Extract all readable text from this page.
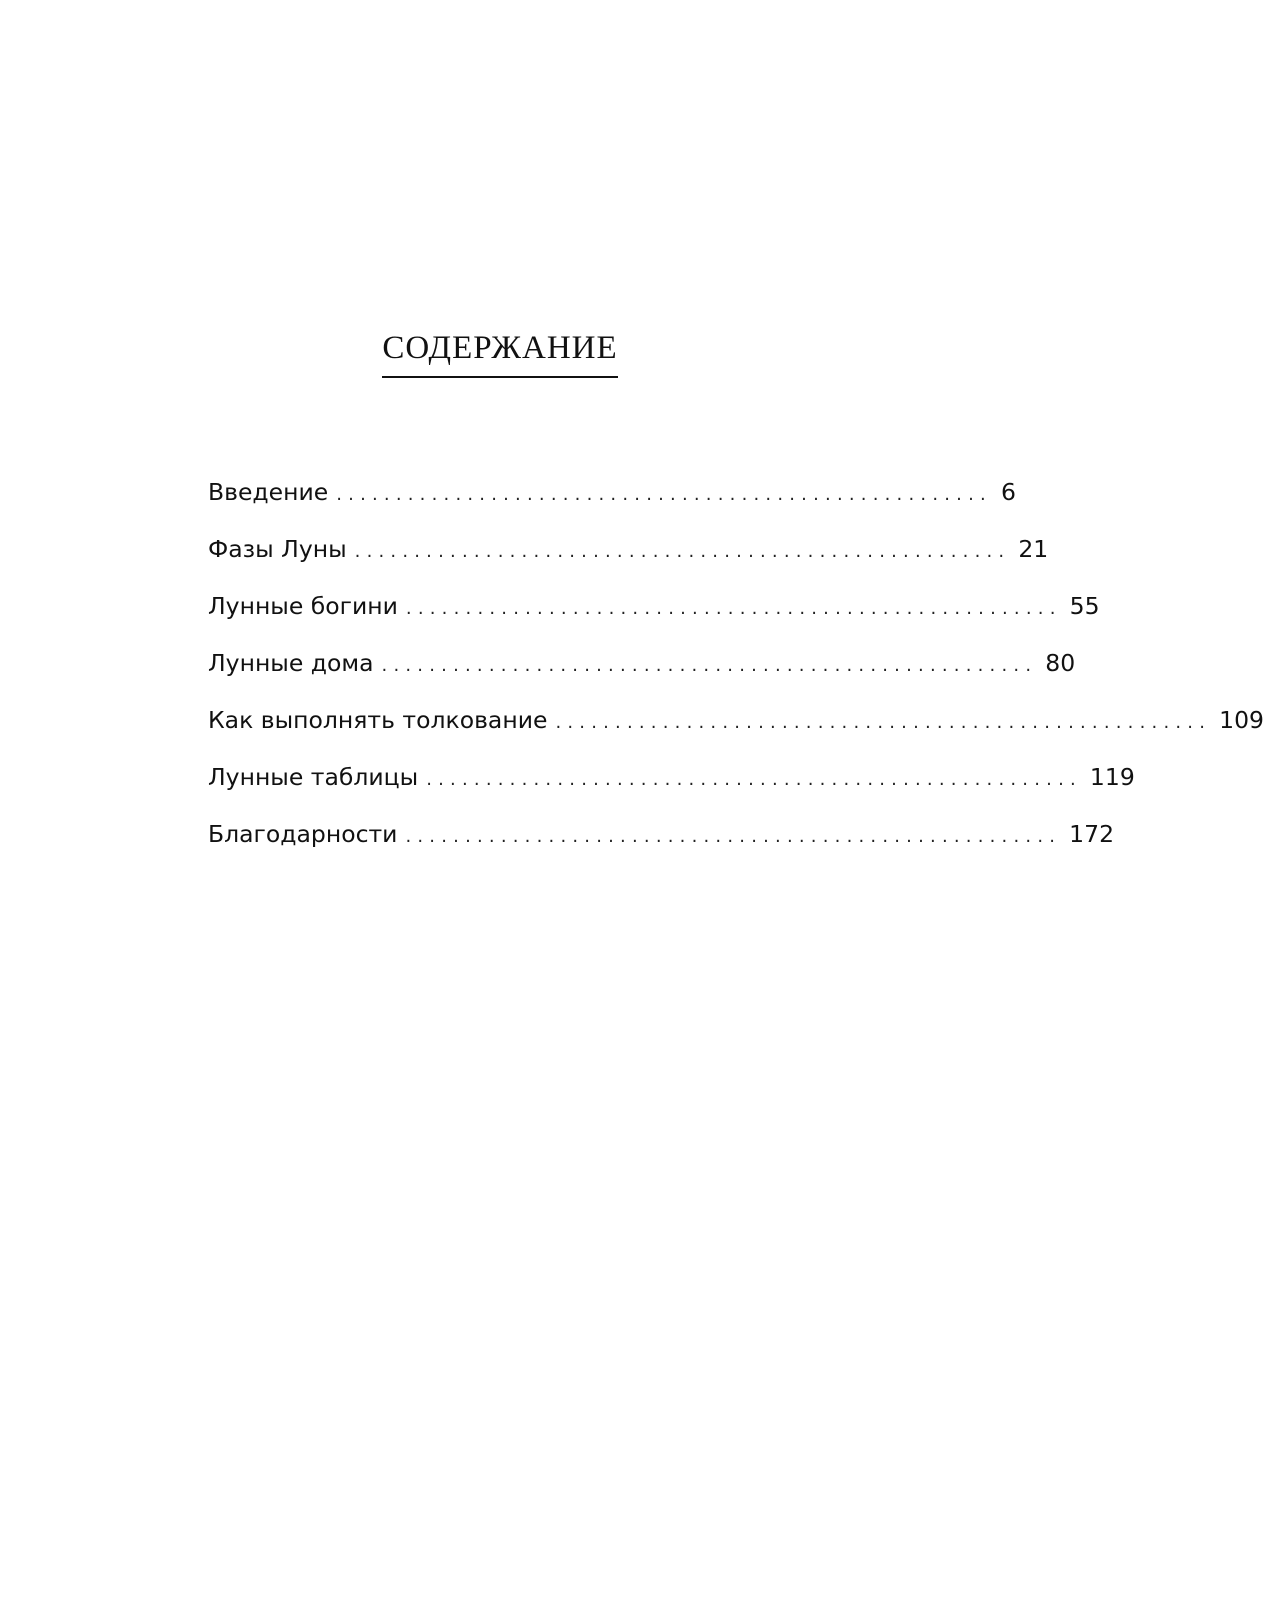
СОДЕРЖАНИЕ
Введение ....................................................... 6
Фазы Луны ....................................................... 21
Лунные богини ....................................................... 55
Лунные дома ....................................................... 80
Как выполнять толкование ....................................................... 109
Лунные таблицы ....................................................... 119
Благодарности ....................................................... 172
